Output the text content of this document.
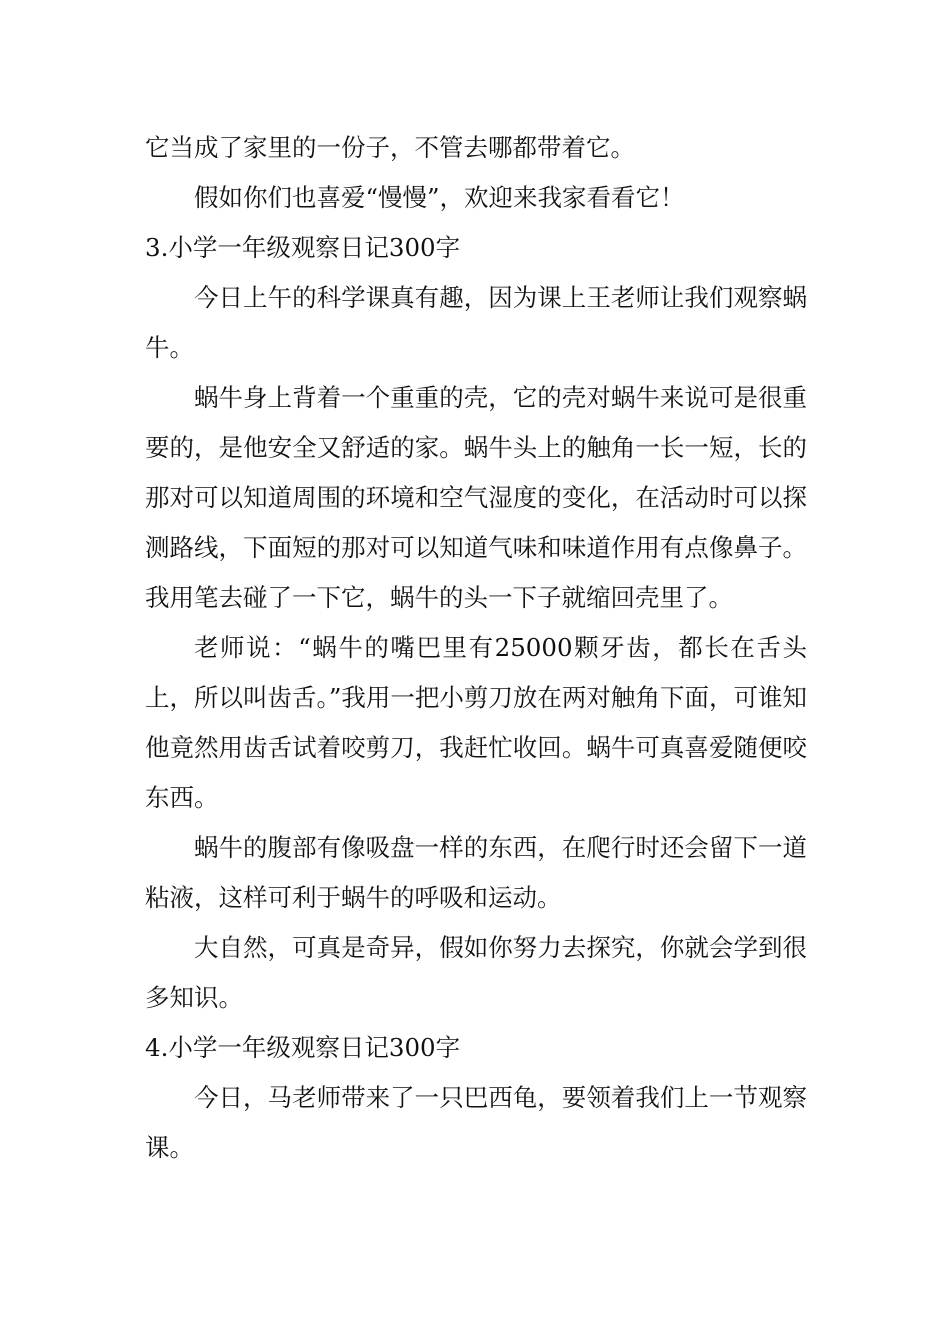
它当成了家里的一份子，不管去哪都带着它。

假如你们也喜爱“慢慢”，欢迎来我家看看它！

3.小学一年级观察日记300字

今日上午的科学课真有趣，因为课上王老师让我们观察蜗牛。

蜗牛身上背着一个重重的壳，它的壳对蜗牛来说可是很重要的，是他安全又舒适的家。蜗牛头上的触角一长一短，长的那对可以知道周围的环境和空气湿度的变化，在活动时可以探测路线，下面短的那对可以知道气味和味道作用有点像鼻子。我用笔去碰了一下它，蜗牛的头一下子就缩回壳里了。

老师说：“蜗牛的嘴巴里有25000颗牙齿，都长在舌头上，所以叫齿舌。”我用一把小剪刀放在两对触角下面，可谁知他竟然用齿舌试着咬剪刀，我赶忙收回。蜗牛可真喜爱随便咬东西。

蜗牛的腹部有像吸盘一样的东西，在爬行时还会留下一道粘液，这样可利于蜗牛的呼吸和运动。

大自然，可真是奇异，假如你努力去探究，你就会学到很多知识。

4.小学一年级观察日记300字

今日，马老师带来了一只巴西龟，要领着我们上一节观察课。
